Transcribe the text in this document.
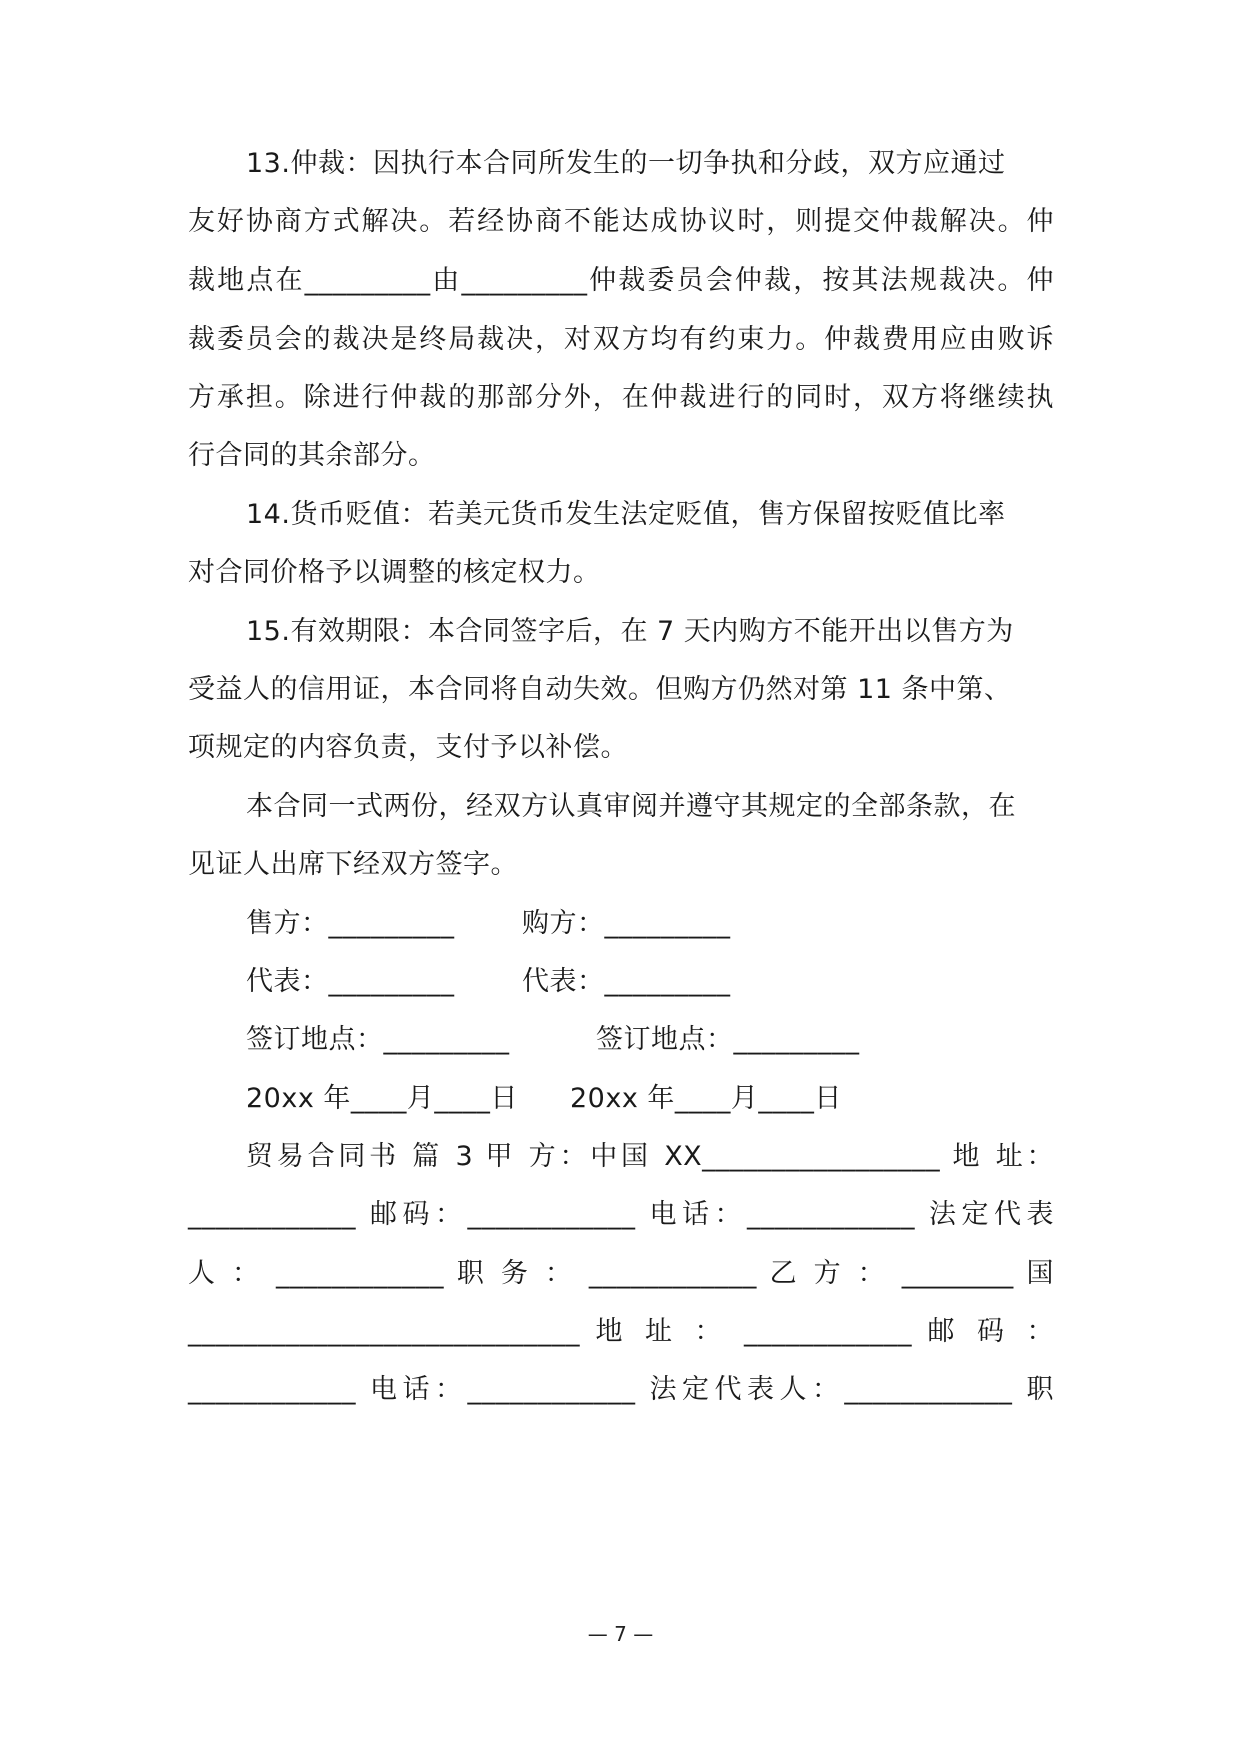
13.仲裁：因执行本合同所发生的一切争执和分歧，双方应通过
友好协商方式解决。若经协商不能达成协议时，则提交仲裁解决。仲
裁地点在_________由_________仲裁委员会仲裁，按其法规裁决。仲
裁委员会的裁决是终局裁决，对双方均有约束力。仲裁费用应由败诉
方承担。除进行仲裁的那部分外，在仲裁进行的同时，双方将继续执
行合同的其余部分。
14.货币贬值：若美元货币发生法定贬值，售方保留按贬值比率
对合同价格予以调整的核定权力。
15.有效期限：本合同签字后，在 7 天内购方不能开出以售方为
受益人的信用证，本合同将自动失效。但购方仍然对第 11 条中第、
项规定的内容负责，支付予以补偿。
本合同一式两份，经双方认真审阅并遵守其规定的全部条款，在
见证人出席下经双方签字。
售方：_________	购方：_________
代表：_________	代表：_________
签订地点：_________	签订地点：_________
20xx 年____月____日 20xx 年____月____日
贸易合同书 篇 3 甲 方：中国 XX_________________ 地 址：
____________ 邮码：____________ 电话：____________ 法定代表
人 ： ____________ 职 务 ： ____________ 乙 方 ： ________ 国
____________________________ 地 址 ： ____________ 邮 码 ：
____________ 电话：____________ 法定代表人：____________ 职
— 7 —
